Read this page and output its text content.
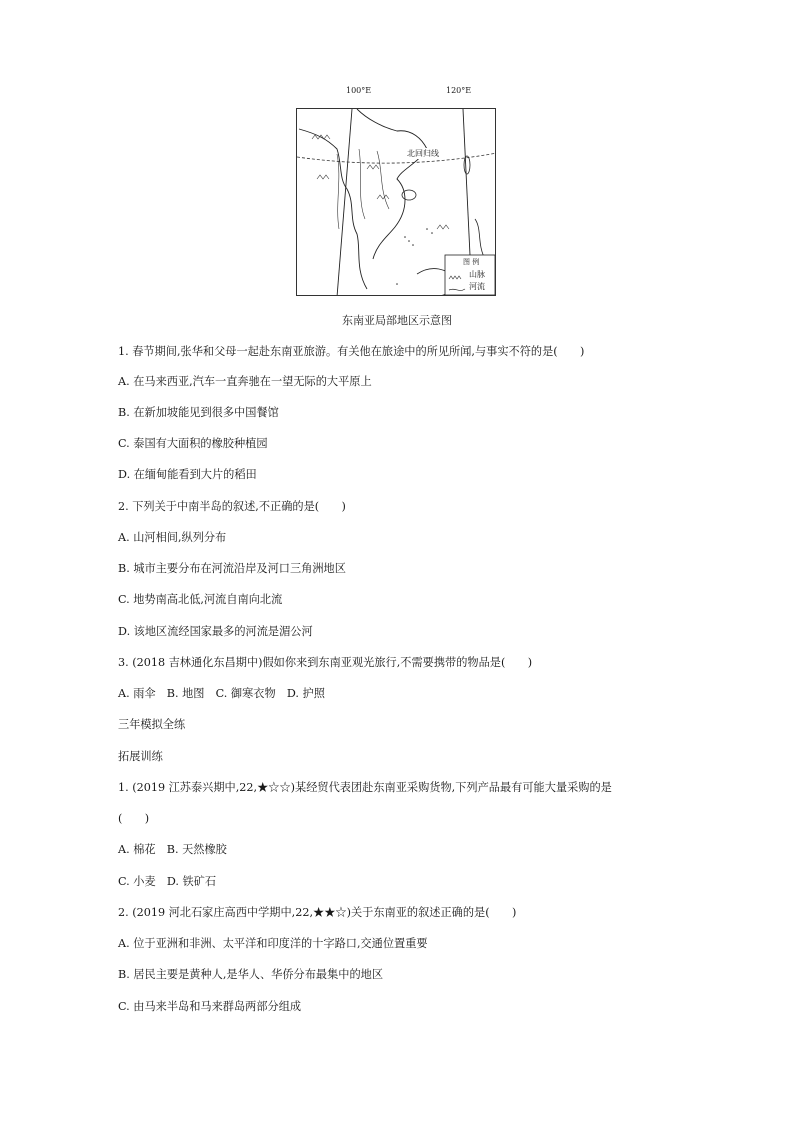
100°E	120°E
北回归线
图 例
山脉
河流
东南亚局部地区示意图
1. 春节期间,张华和父母一起赴东南亚旅游。有关他在旅途中的所见所闻,与事实不符的是(　　)
A. 在马来西亚,汽车一直奔驰在一望无际的大平原上
B. 在新加坡能见到很多中国餐馆
C. 泰国有大面积的橡胶种植园
D. 在缅甸能看到大片的稻田
2. 下列关于中南半岛的叙述,不正确的是(　　)
A. 山河相间,纵列分布
B. 城市主要分布在河流沿岸及河口三角洲地区
C. 地势南高北低,河流自南向北流
D. 该地区流经国家最多的河流是湄公河
3. (2018 吉林通化东昌期中)假如你来到东南亚观光旅行,不需要携带的物品是(　　)
A. 雨伞　B. 地图　C. 御寒衣物　D. 护照
三年模拟全练
拓展训练
1. (2019 江苏泰兴期中,22,★☆☆)某经贸代表团赴东南亚采购货物,下列产品最有可能大量采购的是
(　　)
A. 棉花　B. 天然橡胶
C. 小麦　D. 铁矿石
2. (2019 河北石家庄高西中学期中,22,★★☆)关于东南亚的叙述正确的是(　　)
A. 位于亚洲和非洲、太平洋和印度洋的十字路口,交通位置重要
B. 居民主要是黄种人,是华人、华侨分布最集中的地区
C. 由马来半岛和马来群岛两部分组成
